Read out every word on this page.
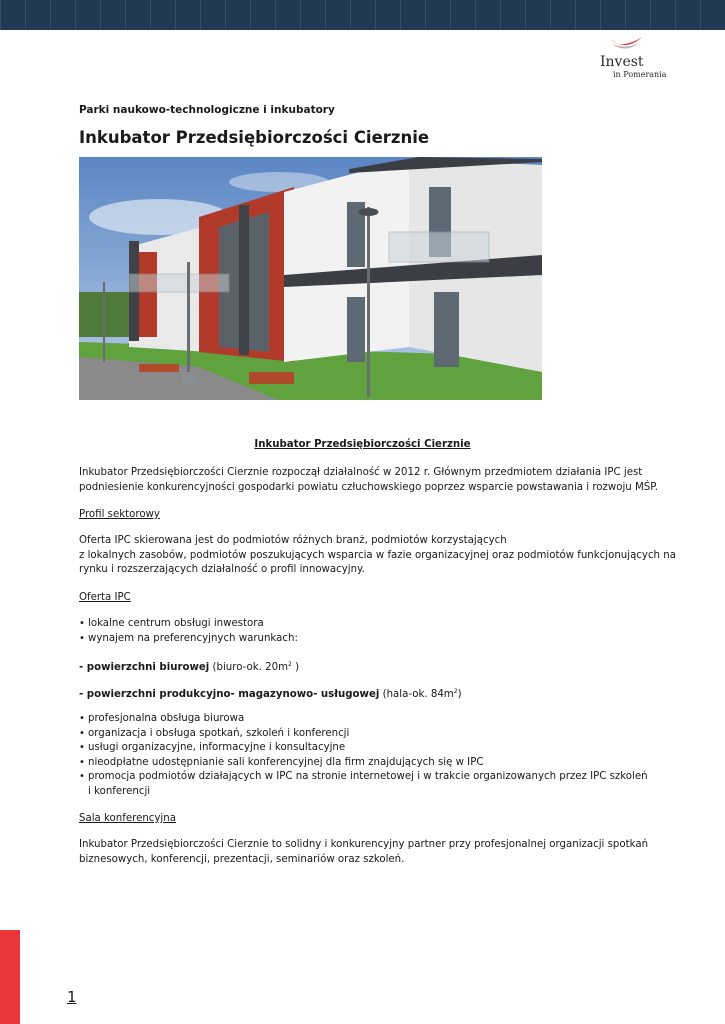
Invest
in Pomerania
Parki naukowo-technologiczne i inkubatory
Inkubator Przedsiębiorczości Cierznie
Inkubator Przedsiębiorczości Cierznie
Inkubator Przedsiębiorczości Cierznie rozpoczął działalność w 2012 r. Głównym przedmiotem działania IPC jest
podniesienie konkurencyjności gospodarki powiatu człuchowskiego poprzez wsparcie powstawania i rozwoju MŚP.
Profil sektorowy
Oferta IPC skierowana jest do podmiotów różnych branż, podmiotów korzystających
z lokalnych zasobów, podmiotów poszukujących wsparcia w fazie organizacyjnej oraz podmiotów funkcjonujących na
rynku i rozszerzających działalność o profil innowacyjny.
Oferta IPC
• lokalne centrum obsługi inwestora
• wynajem na preferencyjnych warunkach:
- powierzchni biurowej (biuro-ok. $20m^2$ )
- powierzchni produkcyjno- magazynowo- usługowej (hala-ok. $84m^2$)
• profesjonalna obsługa biurowa
• organizacja i obsługa spotkań, szkoleń i konferencji
• usługi organizacyjne, informacyjne i konsultacyjne
• nieodpłatne udostępnianie sali konferencyjnej dla firm znajdujących się w IPC
• promocja podmiotów działających w IPC na stronie internetowej i w trakcie organizowanych przez IPC szkoleń
i konferencji
Sala konferencyjna
Inkubator Przedsiębiorczości Cierznie to solidny i konkurencyjny partner przy profesjonalnej organizacji spotkań
biznesowych, konferencji, prezentacji, seminariów oraz szkoleń.
1
